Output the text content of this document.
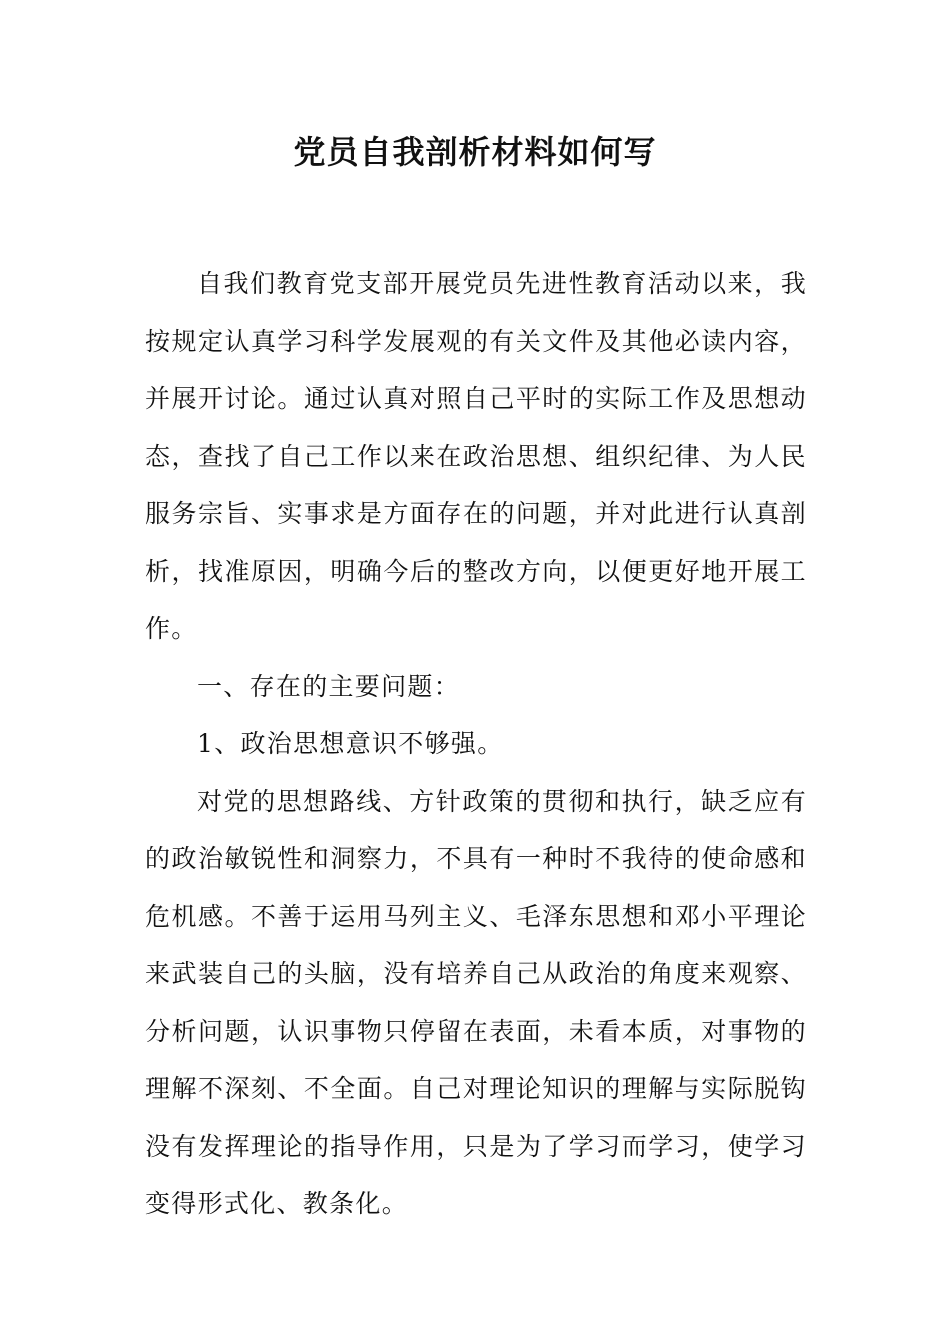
党员自我剖析材料如何写

自我们教育党支部开展党员先进性教育活动以来，我按规定认真学习科学发展观的有关文件及其他必读内容，并展开讨论。通过认真对照自己平时的实际工作及思想动态，查找了自己工作以来在政治思想、组织纪律、为人民服务宗旨、实事求是方面存在的问题，并对此进行认真剖析，找准原因，明确今后的整改方向，以便更好地开展工作。

一、存在的主要问题：

1、政治思想意识不够强。

对党的思想路线、方针政策的贯彻和执行，缺乏应有的政治敏锐性和洞察力，不具有一种时不我待的使命感和危机感。不善于运用马列主义、毛泽东思想和邓小平理论来武装自己的头脑，没有培养自己从政治的角度来观察、分析问题，认识事物只停留在表面，未看本质，对事物的理解不深刻、不全面。自己对理论知识的理解与实际脱钩没有发挥理论的指导作用，只是为了学习而学习，使学习变得形式化、教条化。
